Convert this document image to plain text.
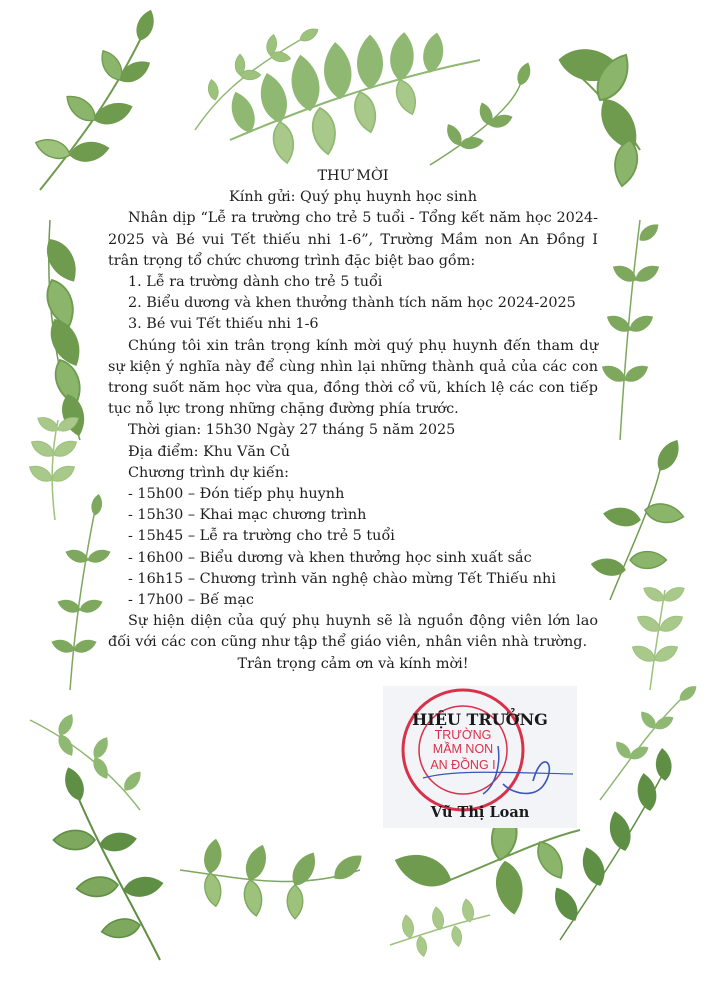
THƯ MỜI
Kính gửi: Quý phụ huynh học sinh

Nhân dịp “Lễ ra trường cho trẻ 5 tuổi - Tổng kết năm học 2024-2025 và Bé vui Tết thiếu nhi 1-6”, Trường Mầm non An Đồng I trân trọng tổ chức chương trình đặc biệt bao gồm:

1. Lễ ra trường dành cho trẻ 5 tuổi
2. Biểu dương và khen thưởng thành tích năm học 2024-2025
3. Bé vui Tết thiếu nhi 1-6

Chúng tôi xin trân trọng kính mời quý phụ huynh đến tham dự sự kiện ý nghĩa này để cùng nhìn lại những thành quả của các con trong suốt năm học vừa qua, đồng thời cổ vũ, khích lệ các con tiếp tục nỗ lực trong những chặng đường phía trước.

Thời gian: 15h30 Ngày 27 tháng 5 năm 2025
Địa điểm: Khu Văn Củ
Chương trình dự kiến:
- 15h00 – Đón tiếp phụ huynh
- 15h30 – Khai mạc chương trình
- 15h45 – Lễ ra trường cho trẻ 5 tuổi
- 16h00 – Biểu dương và khen thưởng học sinh xuất sắc
- 16h15 – Chương trình văn nghệ chào mừng Tết Thiếu nhi
- 17h00 – Bế mạc

Sự hiện diện của quý phụ huynh sẽ là nguồn động viên lớn lao đối với các con cũng như tập thể giáo viên, nhân viên nhà trường.

Trân trọng cảm ơn và kính mời!
TRƯỜNG
MẦM NON
AN ĐỒNG I
HIỆU TRƯỞNG
Vũ Thị Loan
